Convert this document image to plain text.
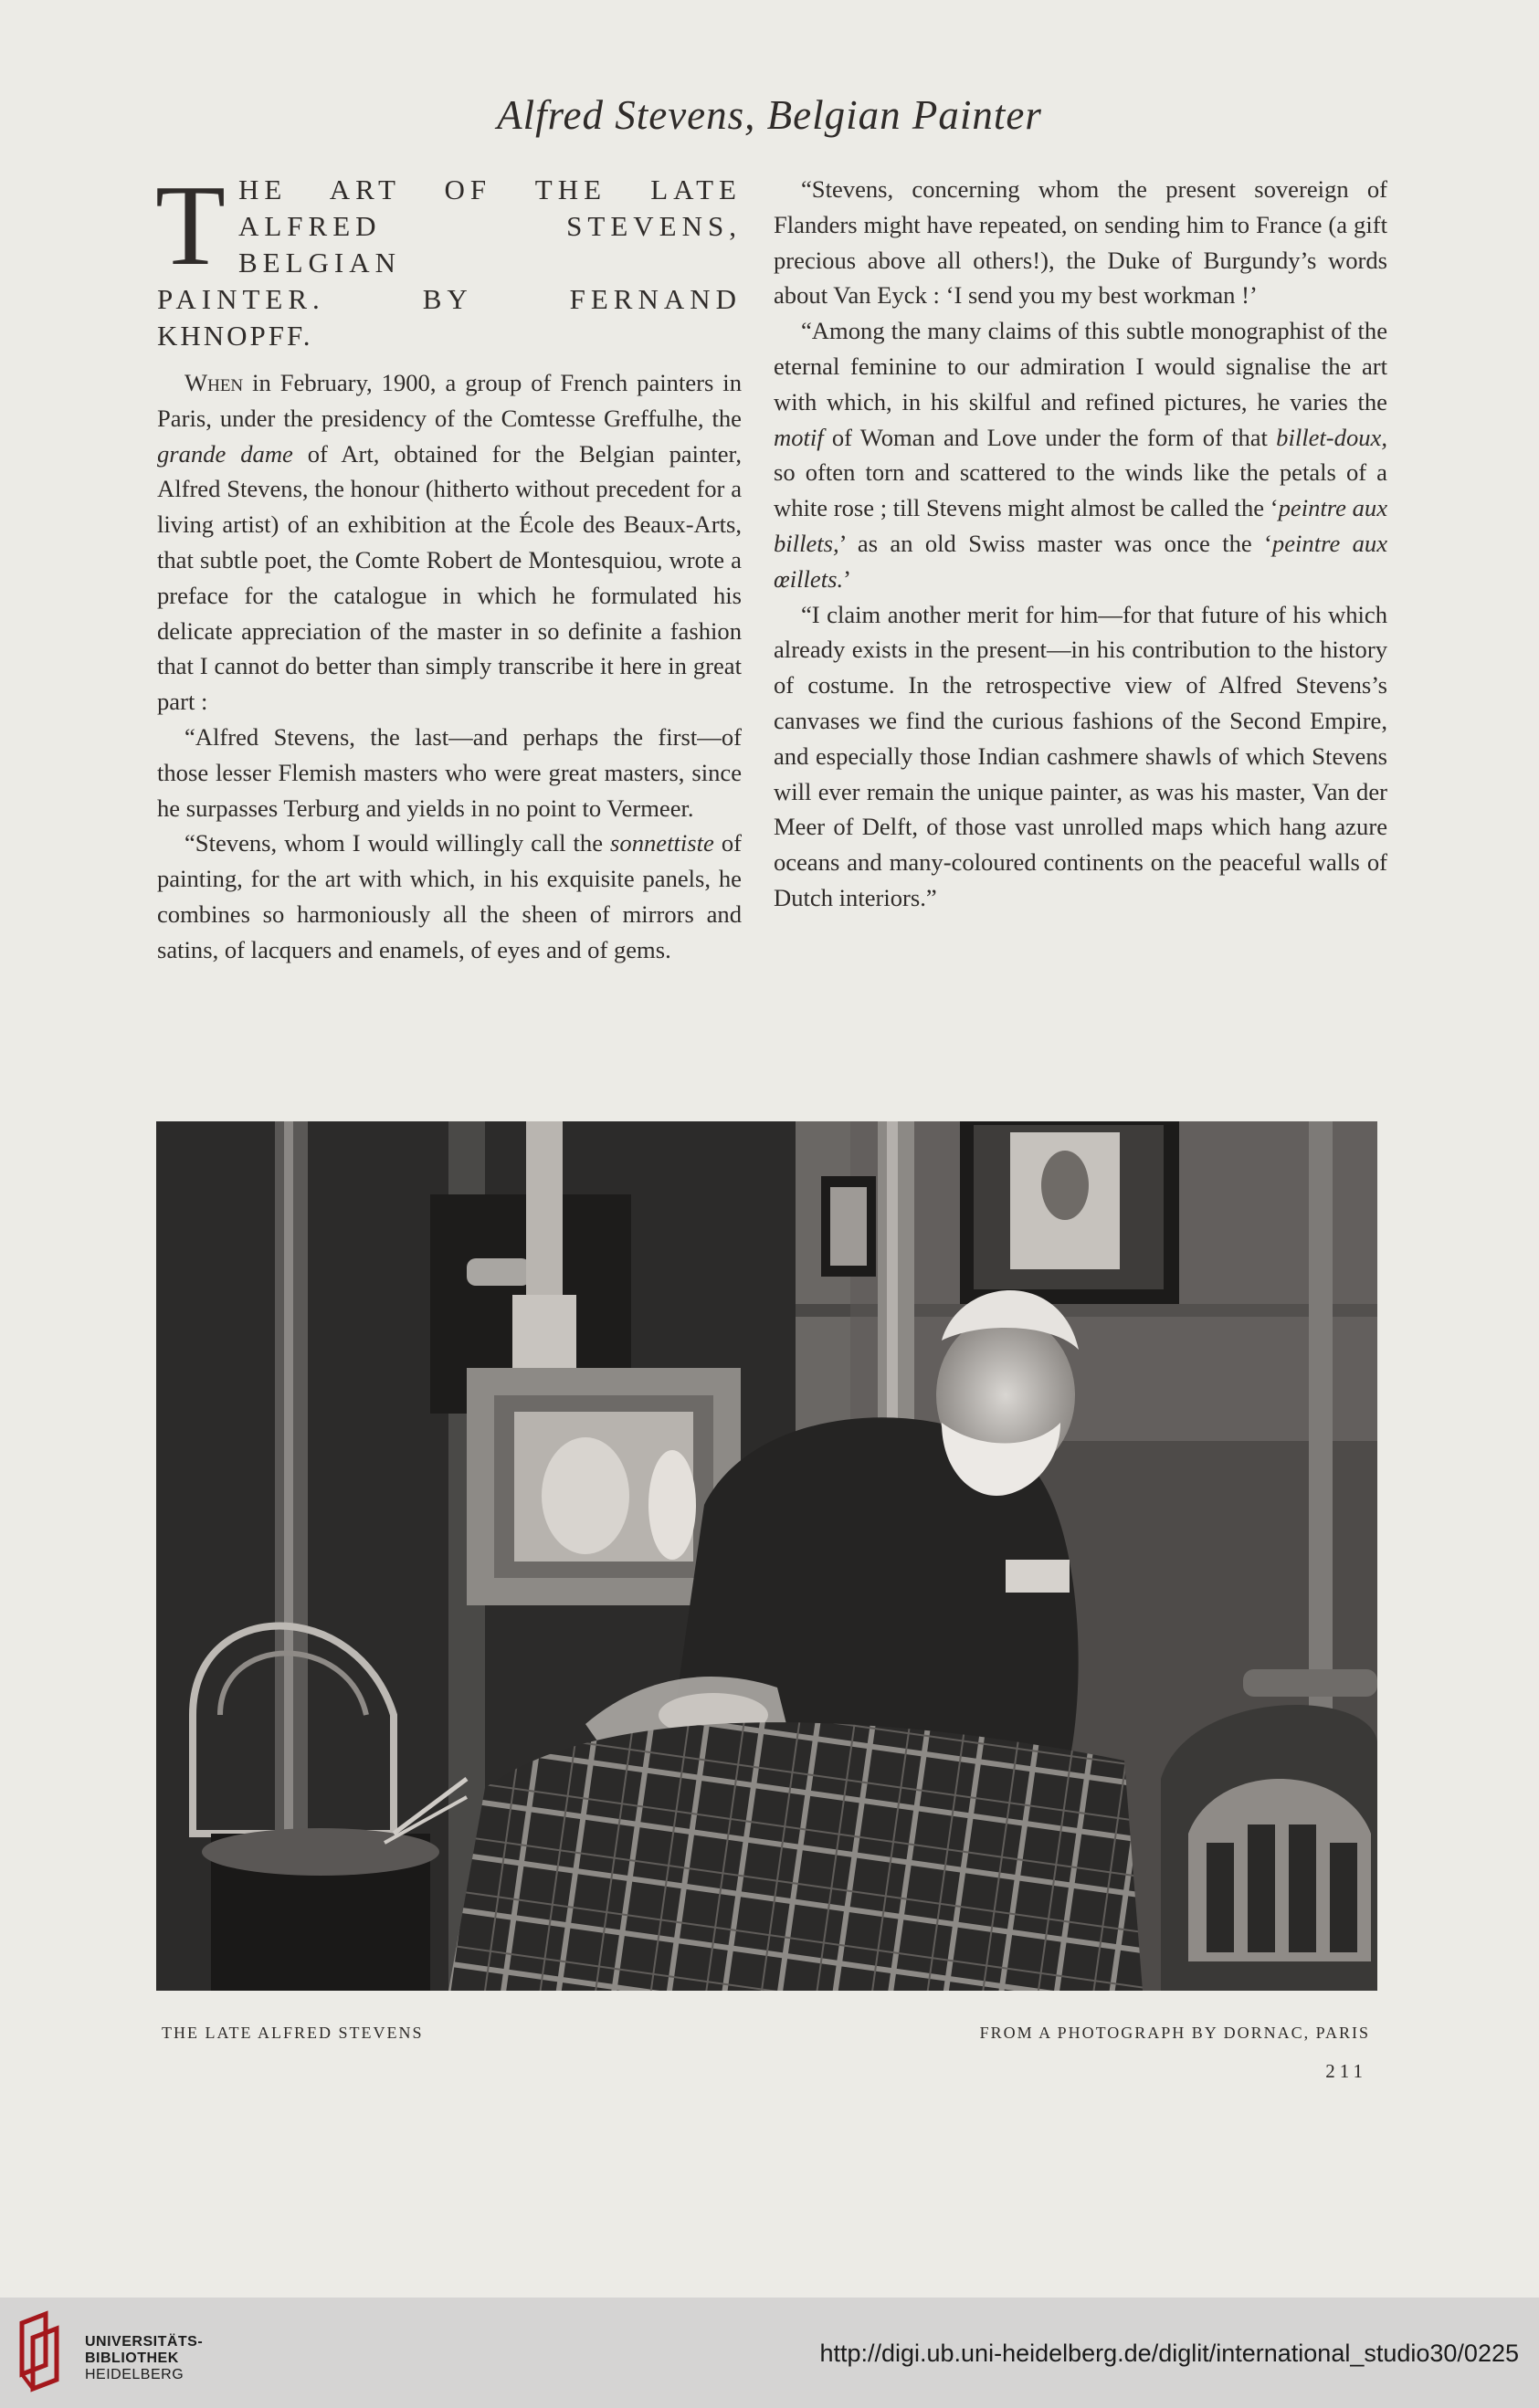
Alfred Stevens, Belgian Painter
T HE ART OF THE LATE
ALFRED STEVENS, BELGIAN
PAINTER. BY FERNAND
KHNOPFF.

When in February, 1900, a group of French painters in Paris, under the presidency of the Comtesse Greffulhe, the grande dame of Art, obtained for the Belgian painter, Alfred Stevens, the honour (hitherto without precedent for a living artist) of an exhibition at the École des Beaux-Arts, that subtle poet, the Comte Robert de Montesquiou, wrote a preface for the catalogue in which he formulated his delicate appreciation of the master in so definite a fashion that I cannot do better than simply transcribe it here in great part :

“Alfred Stevens, the last—and perhaps the first—of those lesser Flemish masters who were great masters, since he surpasses Terburg and yields in no point to Vermeer.

“Stevens, whom I would willingly call the sonnettiste of painting, for the art with which, in his exquisite panels, he combines so harmoniously all the sheen of mirrors and satins, of lacquers and enamels, of eyes and of gems.

“Stevens, concerning whom the present sovereign of Flanders might have repeated, on sending him to France (a gift precious above all others!), the Duke of Burgundy’s words about Van Eyck : ‘I send you my best workman !’

“Among the many claims of this subtle monographist of the eternal feminine to our admiration I would signalise the art with which, in his skilful and refined pictures, he varies the motif of Woman and Love under the form of that billet-doux, so often torn and scattered to the winds like the petals of a white rose ; till Stevens might almost be called the ‘peintre aux billets,’ as an old Swiss master was once the ‘peintre aux œillets.’

“I claim another merit for him—for that future of his which already exists in the present—in his contribution to the history of costume. In the retrospective view of Alfred Stevens’s canvases we find the curious fashions of the Second Empire, and especially those Indian cashmere shawls of which Stevens will ever remain the unique painter, as was his master, Van der Meer of Delft, of those vast unrolled maps which hang azure oceans and many-coloured continents on the peaceful walls of Dutch interiors.”

THE LATE ALFRED STEVENS	FROM A PHOTOGRAPH BY DORNAC, PARIS
211
UNIVERSITÄTS-
BIBLIOTHEK
HEIDELBERG
http://digi.ub.uni-heidelberg.de/diglit/international_studio30/0225
